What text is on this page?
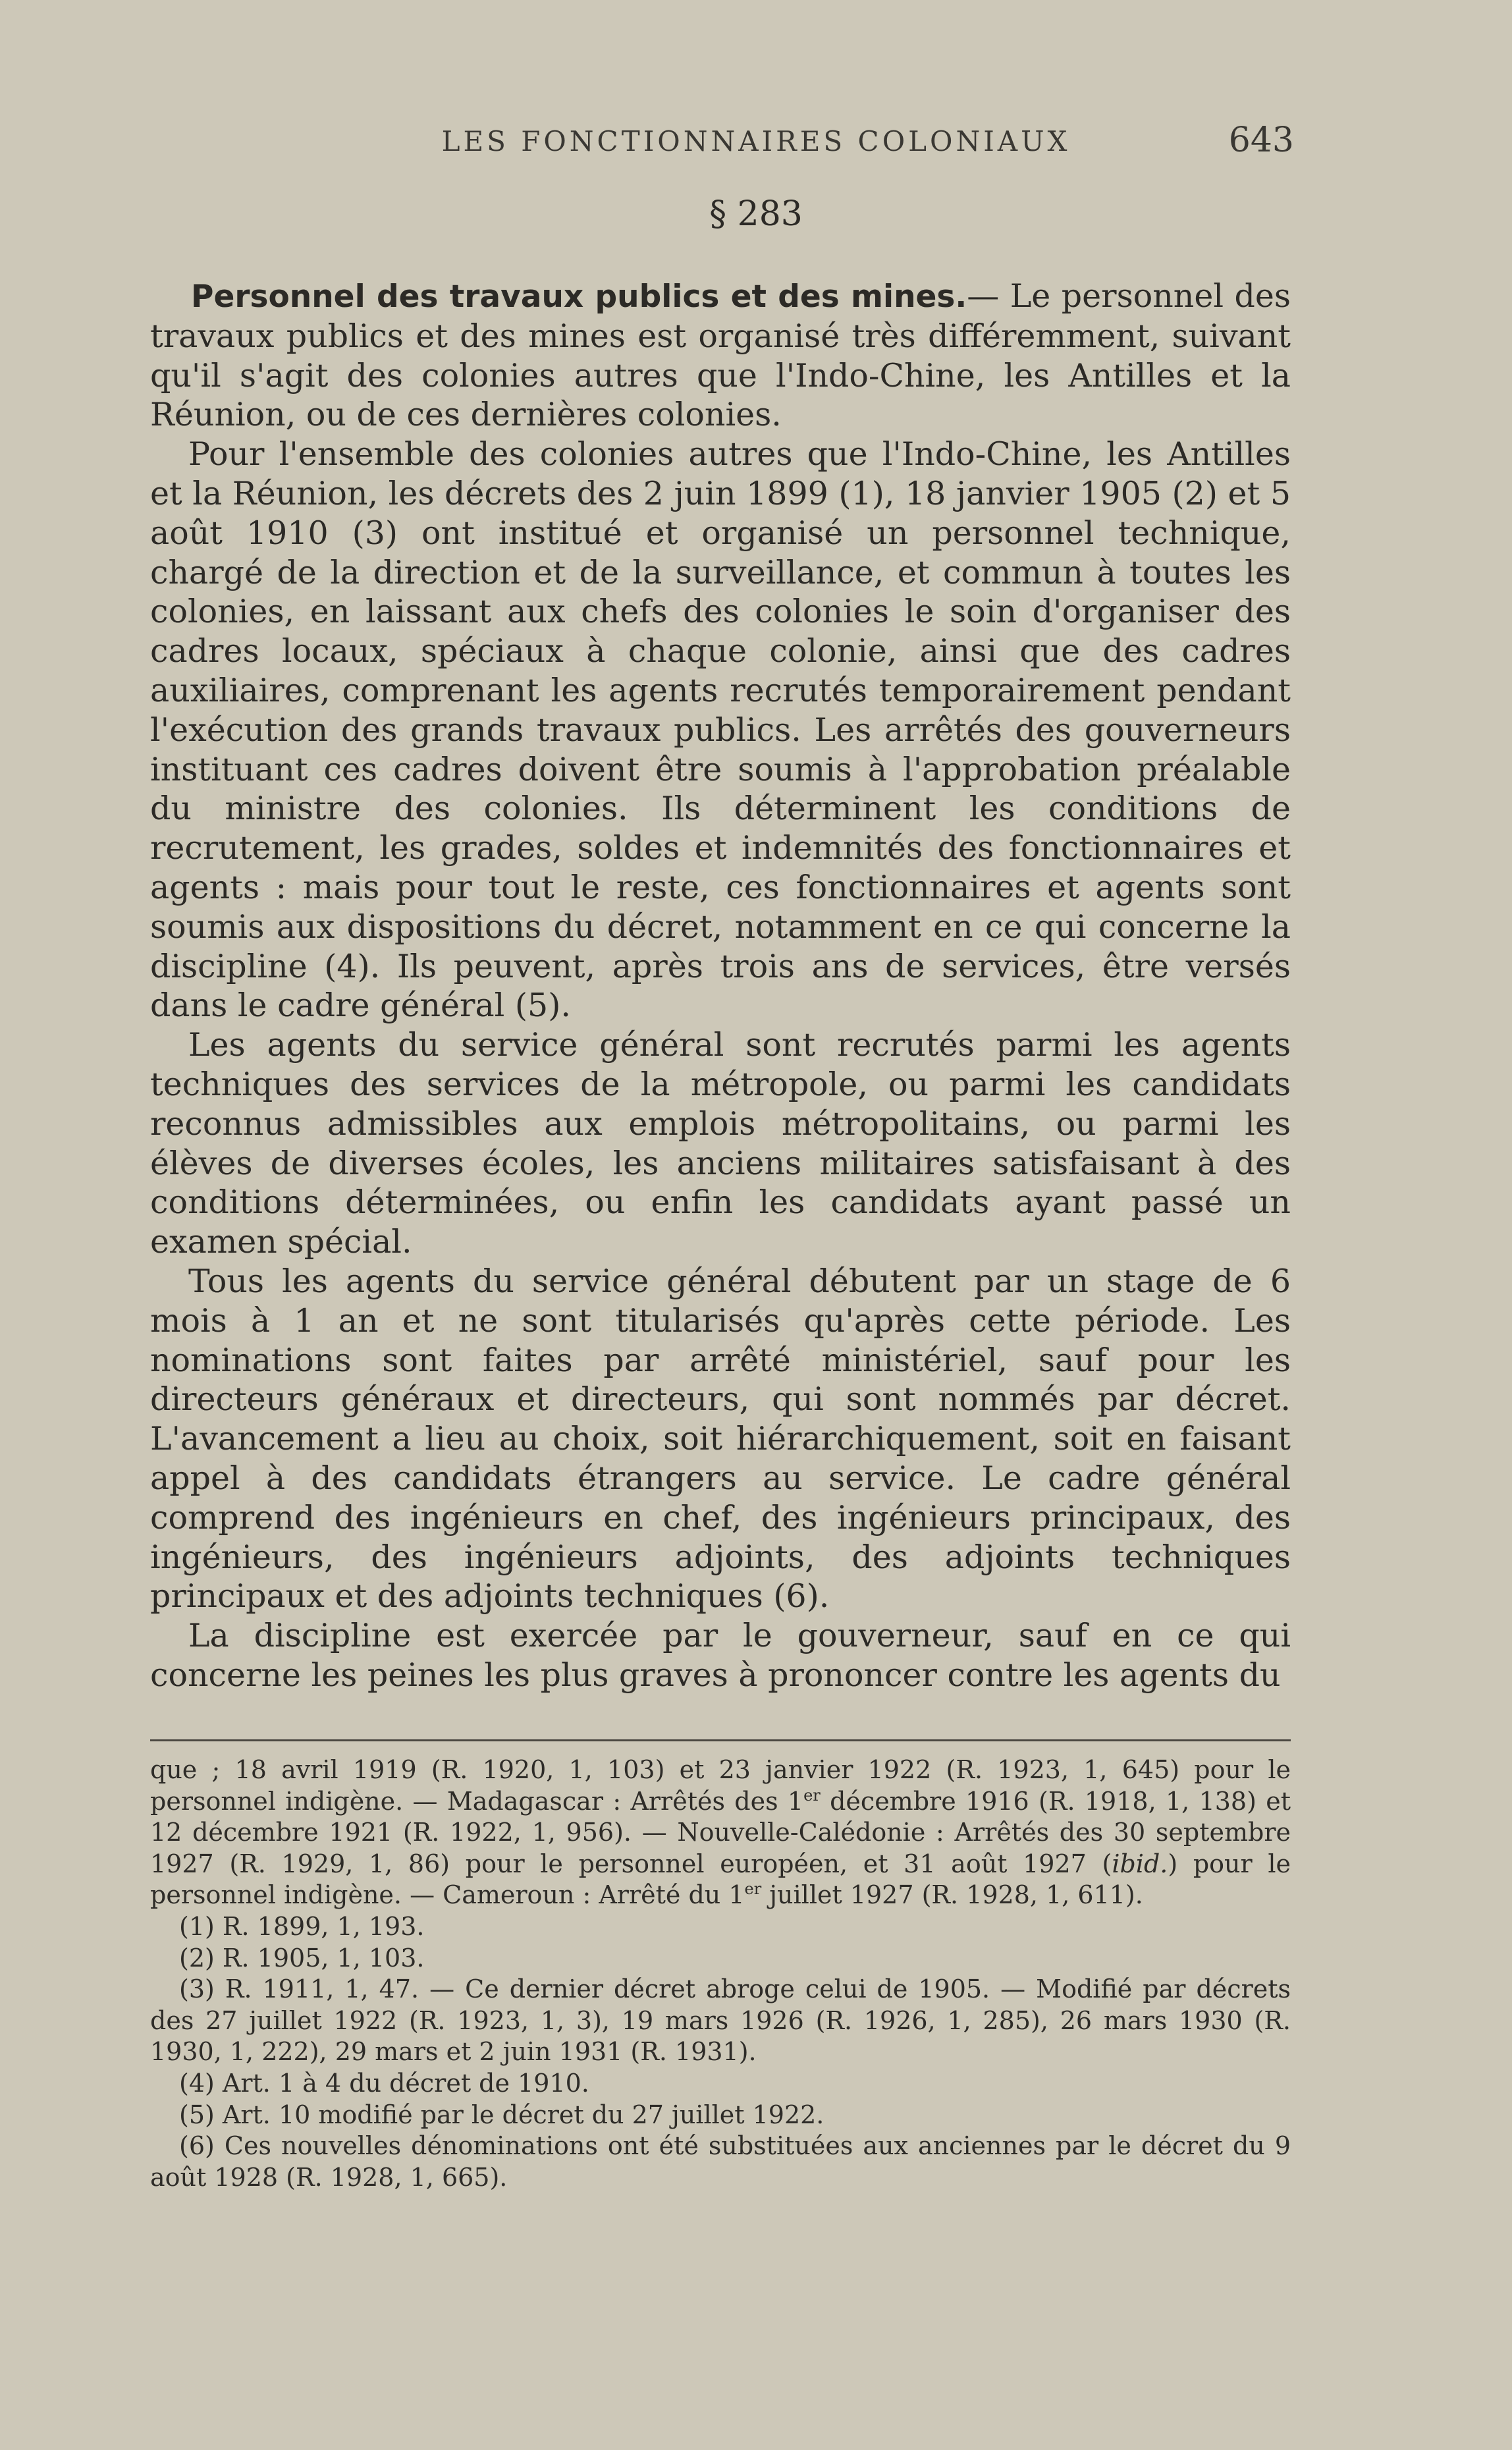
LES FONCTIONNAIRES COLONIAUX	643
§ 283

Personnel des travaux publics et des mines.— Le personnel des travaux publics et des mines est organisé très différemment, suivant qu'il s'agit des colonies autres que l'Indo-Chine, les Antilles et la Réunion, ou de ces dernières colonies.

Pour l'ensemble des colonies autres que l'Indo-Chine, les Antilles et la Réunion, les décrets des 2 juin 1899 (1), 18 janvier 1905 (2) et 5 août 1910 (3) ont institué et organisé un personnel technique, chargé de la direction et de la surveillance, et commun à toutes les colonies, en laissant aux chefs des colonies le soin d'organiser des cadres locaux, spéciaux à chaque colonie, ainsi que des cadres auxiliaires, comprenant les agents recrutés temporairement pendant l'exécution des grands travaux publics. Les arrêtés des gouverneurs instituant ces cadres doivent être soumis à l'approbation préalable du ministre des colonies. Ils déterminent les conditions de recrutement, les grades, soldes et indemnités des fonctionnaires et agents : mais pour tout le reste, ces fonctionnaires et agents sont soumis aux dispositions du décret, notamment en ce qui concerne la discipline (4). Ils peuvent, après trois ans de services, être versés dans le cadre général (5).

Les agents du service général sont recrutés parmi les agents techniques des services de la métropole, ou parmi les candidats reconnus admissibles aux emplois métropolitains, ou parmi les élèves de diverses écoles, les anciens militaires satisfaisant à des conditions déterminées, ou enfin les candidats ayant passé un examen spécial.

Tous les agents du service général débutent par un stage de 6 mois à 1 an et ne sont titularisés qu'après cette période. Les nominations sont faites par arrêté ministériel, sauf pour les directeurs généraux et directeurs, qui sont nommés par décret. L'avancement a lieu au choix, soit hiérarchiquement, soit en faisant appel à des candidats étrangers au service. Le cadre général comprend des ingénieurs en chef, des ingénieurs principaux, des ingénieurs, des ingénieurs adjoints, des adjoints techniques principaux et des adjoints techniques (6).

La discipline est exercée par le gouverneur, sauf en ce qui concerne les peines les plus graves à prononcer contre les agents du

que ; 18 avril 1919 (R. 1920, 1, 103) et 23 janvier 1922 (R. 1923, 1, 645) pour le personnel indigène. — Madagascar : Arrêtés des 1er décembre 1916 (R. 1918, 1, 138) et 12 décembre 1921 (R. 1922, 1, 956). — Nouvelle-Calédonie : Arrêtés des 30 septembre 1927 (R. 1929, 1, 86) pour le personnel européen, et 31 août 1927 (ibid.) pour le personnel indigène. — Cameroun : Arrêté du 1er juillet 1927 (R. 1928, 1, 611).

(1) R. 1899, 1, 193.

(2) R. 1905, 1, 103.

(3) R. 1911, 1, 47. — Ce dernier décret abroge celui de 1905. — Modifié par décrets des 27 juillet 1922 (R. 1923, 1, 3), 19 mars 1926 (R. 1926, 1, 285), 26 mars 1930 (R. 1930, 1, 222), 29 mars et 2 juin 1931 (R. 1931).

(4) Art. 1 à 4 du décret de 1910.

(5) Art. 10 modifié par le décret du 27 juillet 1922.

(6) Ces nouvelles dénominations ont été substituées aux anciennes par le décret du 9 août 1928 (R. 1928, 1, 665).
